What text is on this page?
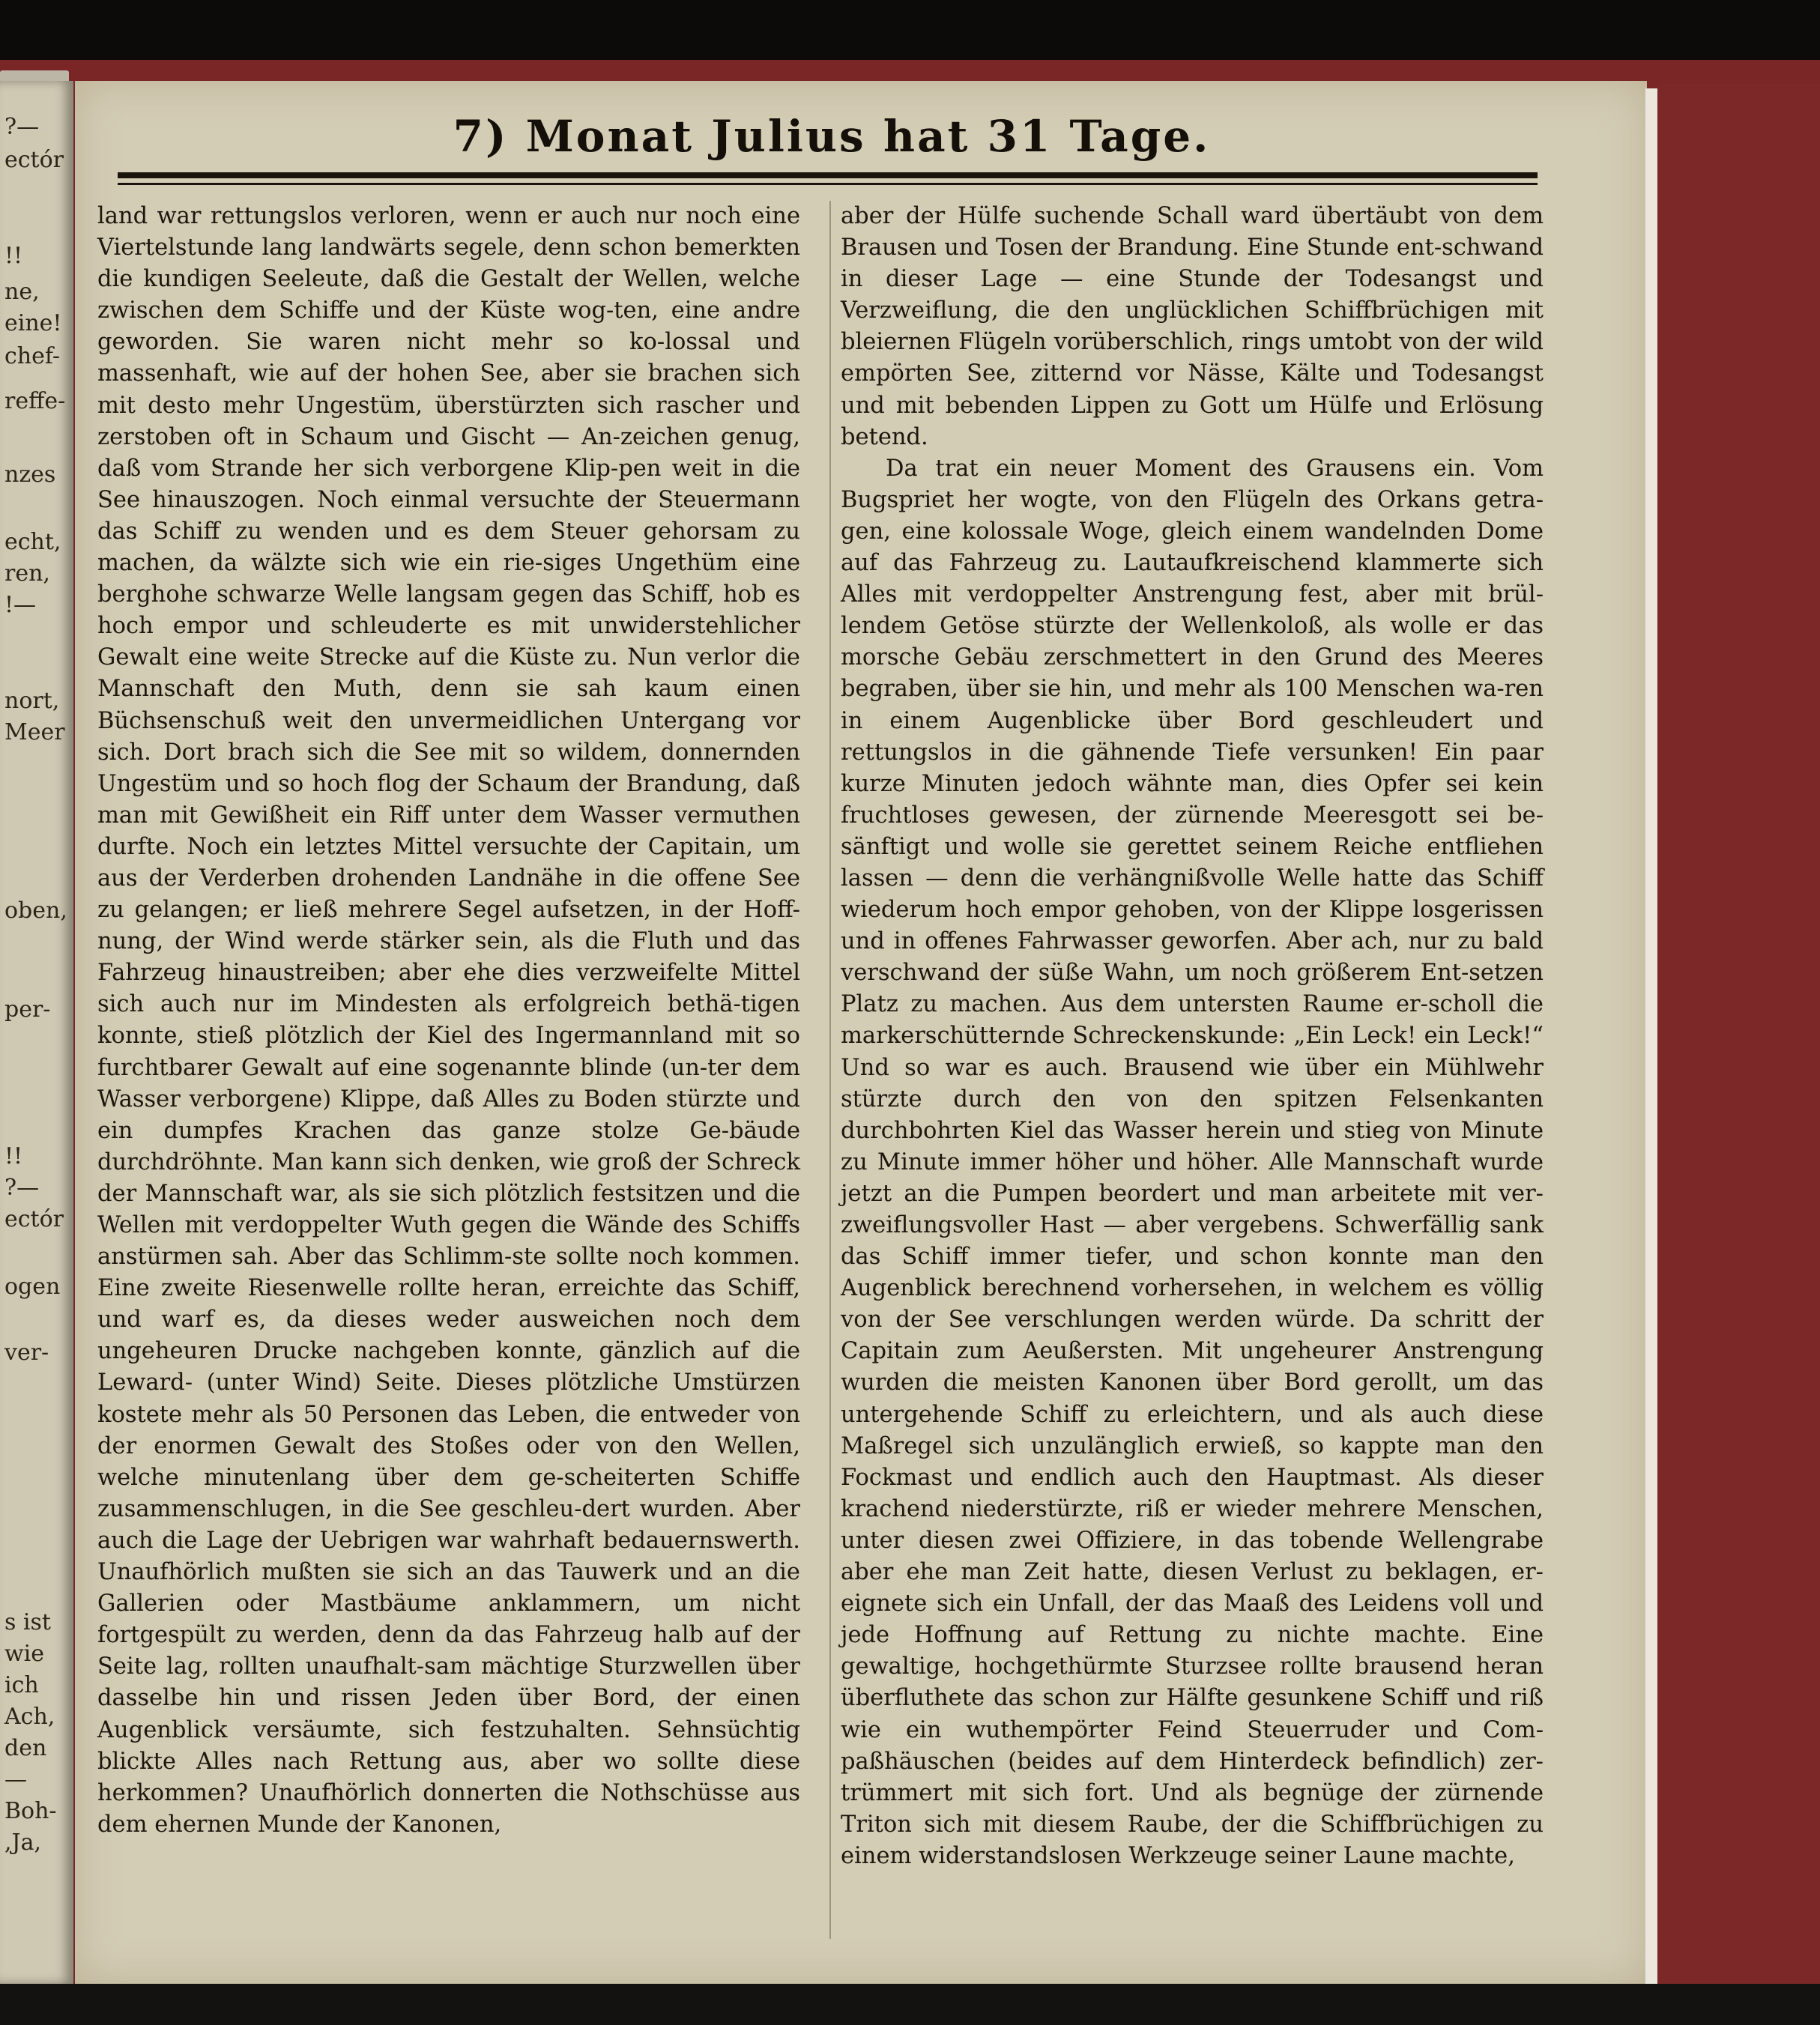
?—
ectór
!!
ne,
eine!
chef-
reffe-
nzes
echt,
ren,
!—
nort,
Meer
oben,
per-
!!
?—
ectór
ogen
ver-
s ist
wie
ich
Ach,
den
—
Boh-
,Ja,
7) Monat Julius hat 31 Tage.

land war rettungslos verloren, wenn er auch nur noch eine Viertelstunde lang landwärts segele, denn schon bemerkten die kundigen Seeleute, daß die Gestalt der Wellen, welche zwischen dem Schiffe und der Küste wog-ten, eine andre geworden. Sie waren nicht mehr so ko-lossal und massenhaft, wie auf der hohen See, aber sie brachen sich mit desto mehr Ungestüm, überstürzten sich rascher und zerstoben oft in Schaum und Gischt — An-zeichen genug, daß vom Strande her sich verborgene Klip-pen weit in die See hinauszogen. Noch einmal versuchte der Steuermann das Schiff zu wenden und es dem Steuer gehorsam zu machen, da wälzte sich wie ein rie-siges Ungethüm eine berghohe schwarze Welle langsam gegen das Schiff, hob es hoch empor und schleuderte es mit unwiderstehlicher Gewalt eine weite Strecke auf die Küste zu. Nun verlor die Mannschaft den Muth, denn sie sah kaum einen Büchsenschuß weit den unvermeidlichen Untergang vor sich. Dort brach sich die See mit so wildem, donnernden Ungestüm und so hoch flog der Schaum der Brandung, daß man mit Gewißheit ein Riff unter dem Wasser vermuthen durfte. Noch ein letztes Mittel versuchte der Capitain, um aus der Verderben drohenden Landnähe in die offene See zu gelangen; er ließ mehrere Segel aufsetzen, in der Hoff-nung, der Wind werde stärker sein, als die Fluth und das Fahrzeug hinaustreiben; aber ehe dies verzweifelte Mittel sich auch nur im Mindesten als erfolgreich bethä-tigen konnte, stieß plötzlich der Kiel des Ingermannland mit so furchtbarer Gewalt auf eine sogenannte blinde (un-ter dem Wasser verborgene) Klippe, daß Alles zu Boden stürzte und ein dumpfes Krachen das ganze stolze Ge-bäude durchdröhnte. Man kann sich denken, wie groß der Schreck der Mannschaft war, als sie sich plötzlich festsitzen und die Wellen mit verdoppelter Wuth gegen die Wände des Schiffs anstürmen sah. Aber das Schlimm-ste sollte noch kommen. Eine zweite Riesenwelle rollte heran, erreichte das Schiff, und warf es, da dieses weder ausweichen noch dem ungeheuren Drucke nachgeben konnte, gänzlich auf die Leward- (unter Wind) Seite. Dieses plötzliche Umstürzen kostete mehr als 50 Personen das Leben, die entweder von der enormen Gewalt des Stoßes oder von den Wellen, welche minutenlang über dem ge-scheiterten Schiffe zusammenschlugen, in die See geschleu-dert wurden. Aber auch die Lage der Uebrigen war wahrhaft bedauernswerth. Unaufhörlich mußten sie sich an das Tauwerk und an die Gallerien oder Mastbäume anklammern, um nicht fortgespült zu werden, denn da das Fahrzeug halb auf der Seite lag, rollten unaufhalt-sam mächtige Sturzwellen über dasselbe hin und rissen Jeden über Bord, der einen Augenblick versäumte, sich festzuhalten. Sehnsüchtig blickte Alles nach Rettung aus, aber wo sollte diese herkommen? Unaufhörlich donnerten die Nothschüsse aus dem ehernen Munde der Kanonen,

aber der Hülfe suchende Schall ward übertäubt von dem Brausen und Tosen der Brandung. Eine Stunde ent-schwand in dieser Lage — eine Stunde der Todesangst und Verzweiflung, die den unglücklichen Schiffbrüchigen mit bleiernen Flügeln vorüberschlich, rings umtobt von der wild empörten See, zitternd vor Nässe, Kälte und Todesangst und mit bebenden Lippen zu Gott um Hülfe und Erlösung betend.

Da trat ein neuer Moment des Grausens ein. Vom Bugspriet her wogte, von den Flügeln des Orkans getra-gen, eine kolossale Woge, gleich einem wandelnden Dome auf das Fahrzeug zu. Lautaufkreischend klammerte sich Alles mit verdoppelter Anstrengung fest, aber mit brül-lendem Getöse stürzte der Wellenkoloß, als wolle er das morsche Gebäu zerschmettert in den Grund des Meeres begraben, über sie hin, und mehr als 100 Menschen wa-ren in einem Augenblicke über Bord geschleudert und rettungslos in die gähnende Tiefe versunken! Ein paar kurze Minuten jedoch wähnte man, dies Opfer sei kein fruchtloses gewesen, der zürnende Meeresgott sei be-sänftigt und wolle sie gerettet seinem Reiche entfliehen lassen — denn die verhängnißvolle Welle hatte das Schiff wiederum hoch empor gehoben, von der Klippe losgerissen und in offenes Fahrwasser geworfen. Aber ach, nur zu bald verschwand der süße Wahn, um noch größerem Ent-setzen Platz zu machen. Aus dem untersten Raume er-scholl die markerschütternde Schreckenskunde: „Ein Leck! ein Leck!“ Und so war es auch. Brausend wie über ein Mühlwehr stürzte durch den von den spitzen Felsenkanten durchbohrten Kiel das Wasser herein und stieg von Minute zu Minute immer höher und höher. Alle Mannschaft wurde jetzt an die Pumpen beordert und man arbeitete mit ver-zweiflungsvoller Hast — aber vergebens. Schwerfällig sank das Schiff immer tiefer, und schon konnte man den Augenblick berechnend vorhersehen, in welchem es völlig von der See verschlungen werden würde. Da schritt der Capitain zum Aeußersten. Mit ungeheurer Anstrengung wurden die meisten Kanonen über Bord gerollt, um das untergehende Schiff zu erleichtern, und als auch diese Maßregel sich unzulänglich erwieß, so kappte man den Fockmast und endlich auch den Hauptmast. Als dieser krachend niederstürzte, riß er wieder mehrere Menschen, unter diesen zwei Offiziere, in das tobende Wellengrabe aber ehe man Zeit hatte, diesen Verlust zu beklagen, er-eignete sich ein Unfall, der das Maaß des Leidens voll und jede Hoffnung auf Rettung zu nichte machte. Eine gewaltige, hochgethürmte Sturzsee rollte brausend heran überfluthete das schon zur Hälfte gesunkene Schiff und riß wie ein wuthempörter Feind Steuerruder und Com-paßhäuschen (beides auf dem Hinterdeck befindlich) zer-trümmert mit sich fort. Und als begnüge der zürnende Triton sich mit diesem Raube, der die Schiffbrüchigen zu einem widerstandslosen Werkzeuge seiner Laune machte,
